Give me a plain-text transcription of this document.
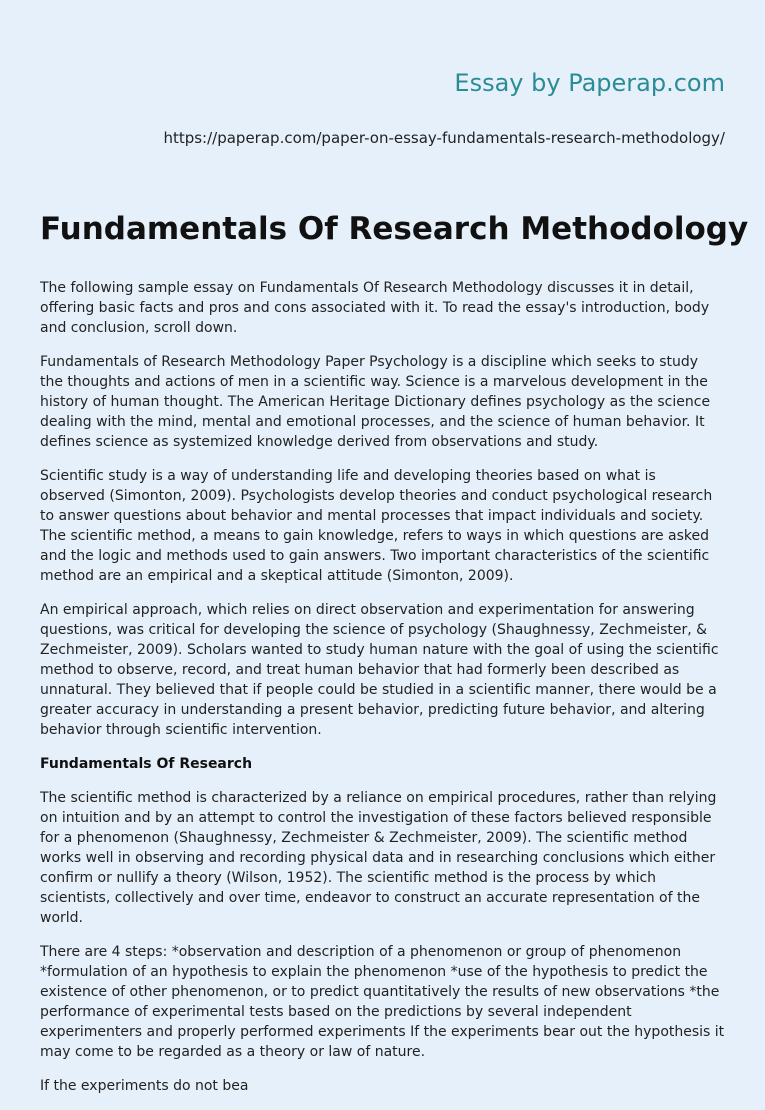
Essay by Paperap.com
https://paperap.com/paper-on-essay-fundamentals-research-methodology/
Fundamentals Of Research Methodology

The following sample essay on Fundamentals Of Research Methodology discusses it in detail, offering basic facts and pros and cons associated with it. To read the essay's introduction, body and conclusion, scroll down.

Fundamentals of Research Methodology Paper Psychology is a discipline which seeks to study the thoughts and actions of men in a scientific way. Science is a marvelous development in the history of human thought. The American Heritage Dictionary defines psychology as the science dealing with the mind, mental and emotional processes, and the science of human behavior. It defines science as systemized knowledge derived from observations and study.

Scientific study is a way of understanding life and developing theories based on what is observed (Simonton, 2009). Psychologists develop theories and conduct psychological research to answer questions about behavior and mental processes that impact individuals and society. The scientific method, a means to gain knowledge, refers to ways in which questions are asked and the logic and methods used to gain answers. Two important characteristics of the scientific method are an empirical and a skeptical attitude (Simonton, 2009).

An empirical approach, which relies on direct observation and experimentation for answering questions, was critical for developing the science of psychology (Shaughnessy, Zechmeister, & Zechmeister, 2009). Scholars wanted to study human nature with the goal of using the scientific method to observe, record, and treat human behavior that had formerly been described as unnatural. They believed that if people could be studied in a scientific manner, there would be a greater accuracy in understanding a present behavior, predicting future behavior, and altering behavior through scientific intervention.

Fundamentals Of Research

The scientific method is characterized by a reliance on empirical procedures, rather than relying on intuition and by an attempt to control the investigation of these factors believed responsible for a phenomenon (Shaughnessy, Zechmeister & Zechmeister, 2009). The scientific method works well in observing and recording physical data and in researching conclusions which either confirm or nullify a theory (Wilson, 1952). The scientific method is the process by which scientists, collectively and over time, endeavor to construct an accurate representation of the world.

There are 4 steps: *observation and description of a phenomenon or group of phenomenon *formulation of an hypothesis to explain the phenomenon *use of the hypothesis to predict the existence of other phenomenon, or to predict quantitatively the results of new observations *the performance of experimental tests based on the predictions by several independent experimenters and properly performed experiments If the experiments bear out the hypothesis it may come to be regarded as a theory or law of nature.

If the experiments do not bea
